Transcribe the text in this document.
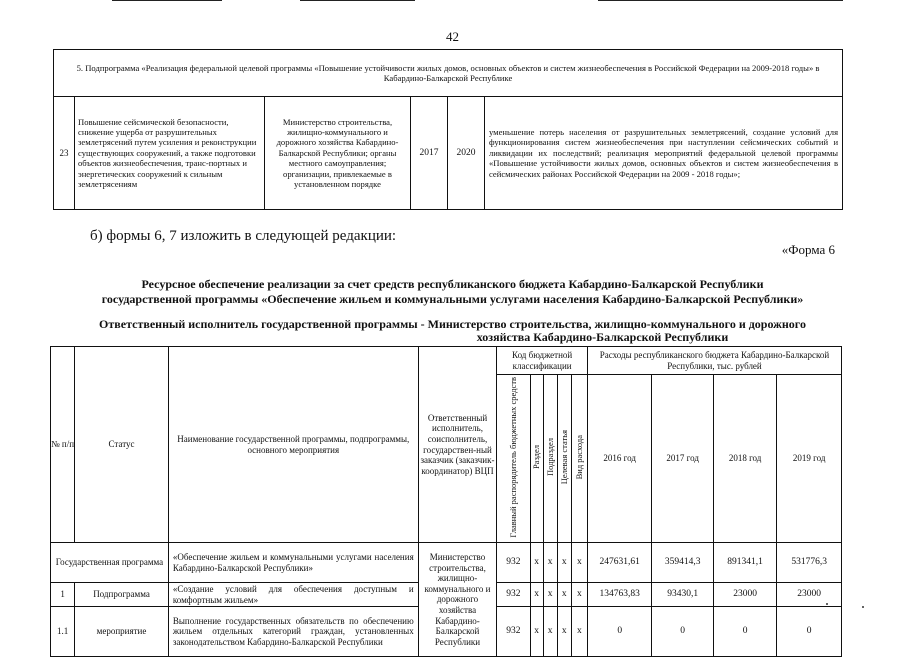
42
5. Подпрограмма «Реализация федеральной целевой программы «Повышение устойчивости жилых домов, основных объектов и систем жизнеобеспечения в Российской Федерации на 2009-2018 годы» в Кабардино-Балкарской Республике
23	Повышение сейсмической безопасности, снижение ущерба от разрушительных землетрясений путем усиления и реконструкции существующих сооружений, а также подготовки объектов жизнеобеспечения, транс-портных и энергетических сооружений к сильным землетрясениям	Министерство строительства, жилищно-коммунального и дорожного хозяйства Кабардино-Балкарской Республики; органы местного самоуправления; организации, привлекаемые в установленном порядке	2017	2020	уменьшение потерь населения от разрушительных землетрясений, создание условий для функционирования систем жизнеобеспечения при наступлении сейсмических событий и ликвидации их последствий; реализация мероприятий федеральной целевой программы «Повышение устойчивости жилых домов, основных объектов и систем жизнеобеспечения в сейсмических районах Российской Федерации на 2009 - 2018 годы»;
б) формы 6, 7 изложить в следующей редакции:
«Форма 6
Ресурсное обеспечение реализации за счет средств республиканского бюджета Кабардино-Балкарской Республики
государственной программы «Обеспечение жильем и коммунальными услугами населения Кабардино-Балкарской Республики»
Ответственный исполнитель государственной программы - Министерство строительства, жилищно-коммунального и дорожного
хозяйства Кабардино-Балкарской Республики
№ п/п	Статус	Наименование государственной программы, подпрограммы, основного мероприятия	Ответственный исполнитель, соисполнитель, государствен-ный заказчик (заказчик-координатор) ВЦП	Код бюджетной классификации					Расходы республиканского бюджета Кабардино-Балкарской Республики, тыс. рублей			
				Главный распорядитель бюджетных средств	Раздел	Подраздел	Целевая статья	Вид расхода	2016 год	2017 год	2018 год	2019 год
Государственная программа		«Обеспечение жильем и коммунальными услугами населения Кабардино-Балкарской Республики»	Министерство строительства, жилищно-коммунального и дорожного хозяйства Кабардино-Балкарской Республики	932	х	х	х	х	247631,61	359414,3	891341,1	531776,3
1	Подпрограмма	«Создание условий для обеспечения доступным и комфортным жильем»		932	х	х	х	х	134763,83	93430,1	23000	23000
1.1	мероприятие	Выполнение государственных обязательств по обеспечению жильем отдельных категорий граждан, установленных законодательством Кабардино-Балкарской Республики		932	х	х	х	х	0	0	0	0
